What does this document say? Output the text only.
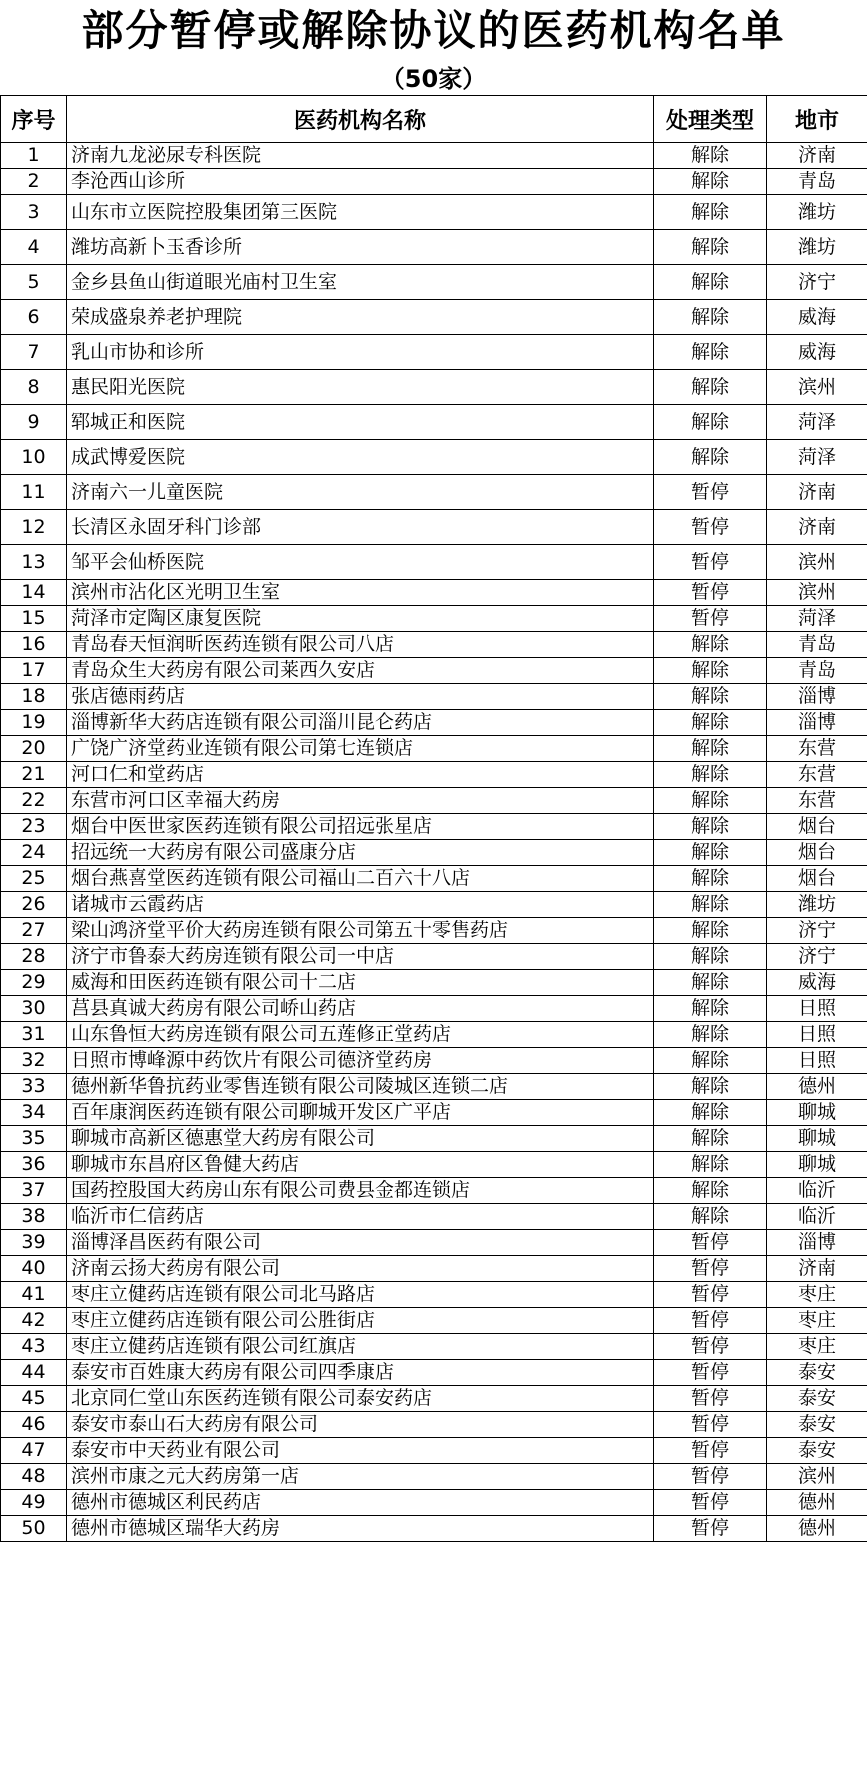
部分暂停或解除协议的医药机构名单
（50家）
序号	医药机构名称	处理类型	地市
1	济南九龙泌尿专科医院	解除	济南
2	李沧西山诊所	解除	青岛
3	山东市立医院控股集团第三医院	解除	潍坊
4	潍坊高新卜玉香诊所	解除	潍坊
5	金乡县鱼山街道眼光庙村卫生室	解除	济宁
6	荣成盛泉养老护理院	解除	威海
7	乳山市协和诊所	解除	威海
8	惠民阳光医院	解除	滨州
9	郓城正和医院	解除	菏泽
10	成武博爱医院	解除	菏泽
11	济南六一儿童医院	暂停	济南
12	长清区永固牙科门诊部	暂停	济南
13	邹平会仙桥医院	暂停	滨州
14	滨州市沾化区光明卫生室	暂停	滨州
15	菏泽市定陶区康复医院	暂停	菏泽
16	青岛春天恒润昕医药连锁有限公司八店	解除	青岛
17	青岛众生大药房有限公司莱西久安店	解除	青岛
18	张店德雨药店	解除	淄博
19	淄博新华大药店连锁有限公司淄川昆仑药店	解除	淄博
20	广饶广济堂药业连锁有限公司第七连锁店	解除	东营
21	河口仁和堂药店	解除	东营
22	东营市河口区幸福大药房	解除	东营
23	烟台中医世家医药连锁有限公司招远张星店	解除	烟台
24	招远统一大药房有限公司盛康分店	解除	烟台
25	烟台燕喜堂医药连锁有限公司福山二百六十八店	解除	烟台
26	诸城市云霞药店	解除	潍坊
27	梁山鸿济堂平价大药房连锁有限公司第五十零售药店	解除	济宁
28	济宁市鲁泰大药房连锁有限公司一中店	解除	济宁
29	威海和田医药连锁有限公司十二店	解除	威海
30	莒县真诚大药房有限公司峤山药店	解除	日照
31	山东鲁恒大药房连锁有限公司五莲修正堂药店	解除	日照
32	日照市博峰源中药饮片有限公司德济堂药房	解除	日照
33	德州新华鲁抗药业零售连锁有限公司陵城区连锁二店	解除	德州
34	百年康润医药连锁有限公司聊城开发区广平店	解除	聊城
35	聊城市高新区德惠堂大药房有限公司	解除	聊城
36	聊城市东昌府区鲁健大药店	解除	聊城
37	国药控股国大药房山东有限公司费县金都连锁店	解除	临沂
38	临沂市仁信药店	解除	临沂
39	淄博泽昌医药有限公司	暂停	淄博
40	济南云扬大药房有限公司	暂停	济南
41	枣庄立健药店连锁有限公司北马路店	暂停	枣庄
42	枣庄立健药店连锁有限公司公胜街店	暂停	枣庄
43	枣庄立健药店连锁有限公司红旗店	暂停	枣庄
44	泰安市百姓康大药房有限公司四季康店	暂停	泰安
45	北京同仁堂山东医药连锁有限公司泰安药店	暂停	泰安
46	泰安市泰山石大药房有限公司	暂停	泰安
47	泰安市中天药业有限公司	暂停	泰安
48	滨州市康之元大药房第一店	暂停	滨州
49	德州市德城区利民药店	暂停	德州
50	德州市德城区瑞华大药房	暂停	德州
